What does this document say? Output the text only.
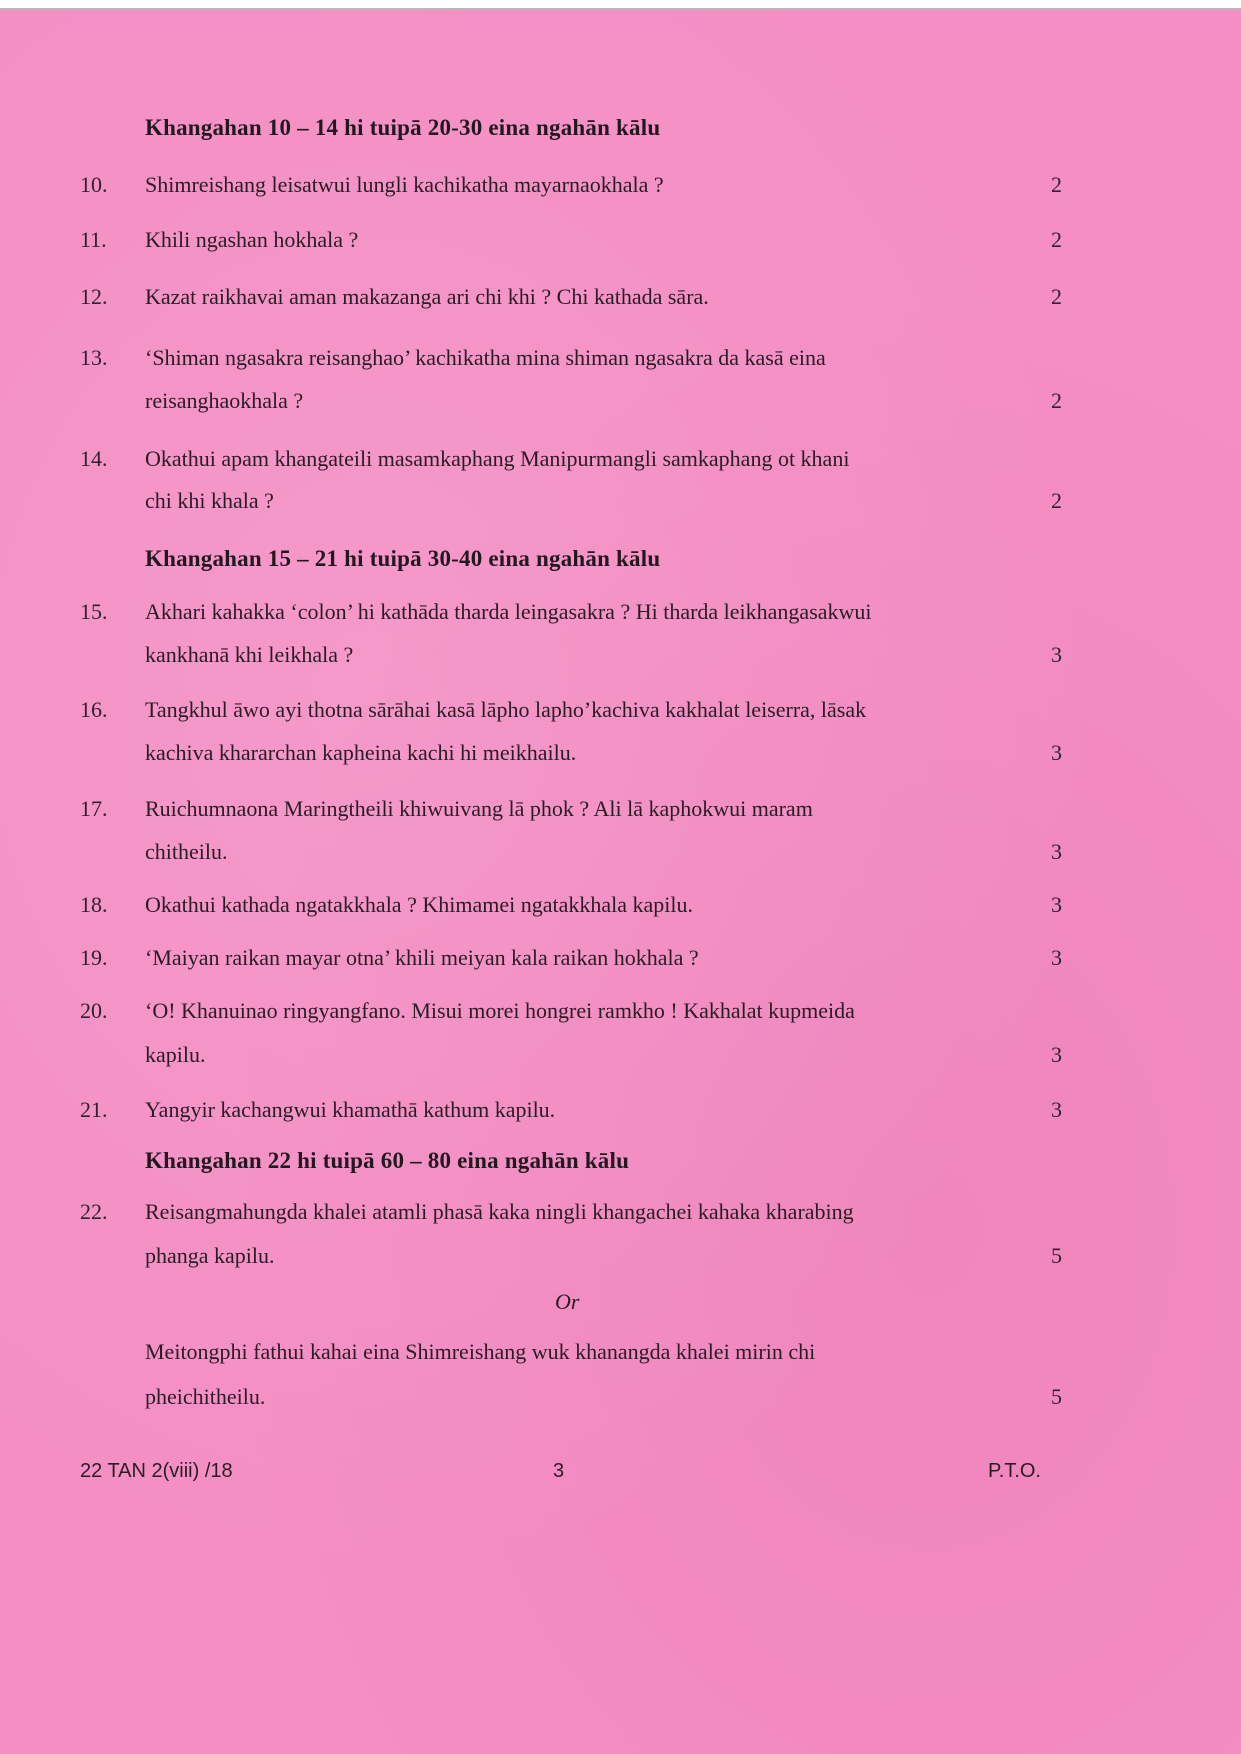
Khangahan 10 – 14 hi tuipā 20-30 eina ngahān kālu
10. Shimreishang leisatwui lungli kachikatha mayarnaokhala ?	2
11. Khili ngashan hokhala ?	2
12. Kazat raikhavai aman makazanga ari chi khi ? Chi kathada sāra.	2
13. ‘Shiman ngasakra reisanghao’ kachikatha mina shiman ngasakra da kasā eina
reisanghaokhala ?	2
14. Okathui apam khangateili masamkaphang Manipurmangli samkaphang ot khani
chi khi khala ?	2
Khangahan 15 – 21 hi tuipā 30-40 eina ngahān kālu
15. Akhari kahakka ‘colon’ hi kathāda tharda leingasakra ? Hi tharda leikhangasakwui
kankhanā khi leikhala ?	3
16. Tangkhul āwo ayi thotna sārāhai kasā lāpho lapho’kachiva kakhalat leiserra, lāsak
kachiva khararchan kapheina kachi hi meikhailu.	3
17. Ruichumnaona Maringtheili khiwuivang lā phok ? Ali lā kaphokwui maram
chitheilu.	3
18. Okathui kathada ngatakkhala ? Khimamei ngatakkhala kapilu.	3
19. ‘Maiyan raikan mayar otna’ khili meiyan kala raikan hokhala ?	3
20. ‘O! Khanuinao ringyangfano. Misui morei hongrei ramkho ! Kakhalat kupmeida
kapilu.	3
21. Yangyir kachangwui khamathā kathum kapilu.	3
Khangahan 22 hi tuipā 60 – 80 eina ngahān kālu
22. Reisangmahungda khalei atamli phasā kaka ningli khangachei kahaka kharabing
phanga kapilu.	5
Or
Meitongphi fathui kahai eina Shimreishang wuk khanangda khalei mirin chi
pheichitheilu.	5
22 TAN 2(viii) /18	3	P.T.O.
